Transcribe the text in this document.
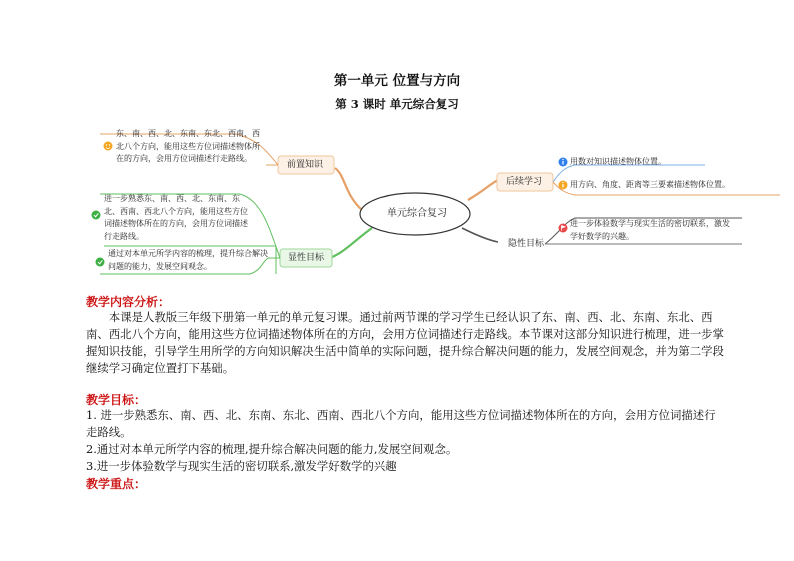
第一单元 位置与方向
第 3 课时 单元综合复习
单元综合复习
前置知识
显性目标
后续学习
隐性目标
东、南、西、北、东南、东北、西南、西北八个方向，能用这些方位词描述物体所在的方向，会用方位词描述行走路线。
进一步熟悉东、南、西、北、东南、东北、西南、西北八个方向，能用这些方位词描述物体所在的方向，会用方位词描述行走路线。
通过对本单元所学内容的梳理，提升综合解决问题的能力，发展空间观念。
用数对知识描述物体位置。
用方向、角度、距离等三要素描述物体位置。
进一步体验数学与现实生活的密切联系，激发学好数学的兴趣。
教学内容分析：

本课是人教版三年级下册第一单元的单元复习课。通过前两节课的学习学生已经认识了东、南、西、北、东南、东北、西南、西北八个方向，能用这些方位词描述物体所在的方向，会用方位词描述行走路线。本节课对这部分知识进行梳理，进一步掌握知识技能，引导学生用所学的方向知识解决生活中简单的实际问题，提升综合解决问题的能力，发展空间观念，并为第二学段继续学习确定位置打下基础。

教学目标：

1. 进一步熟悉东、南、西、北、东南、东北、西南、西北八个方向，能用这些方位词描述物体所在的方向，会用方位词描述行走路线。

2.通过对本单元所学内容的梳理,提升综合解决问题的能力,发展空间观念。

3.进一步体验数学与现实生活的密切联系,激发学好数学的兴趣

教学重点：
